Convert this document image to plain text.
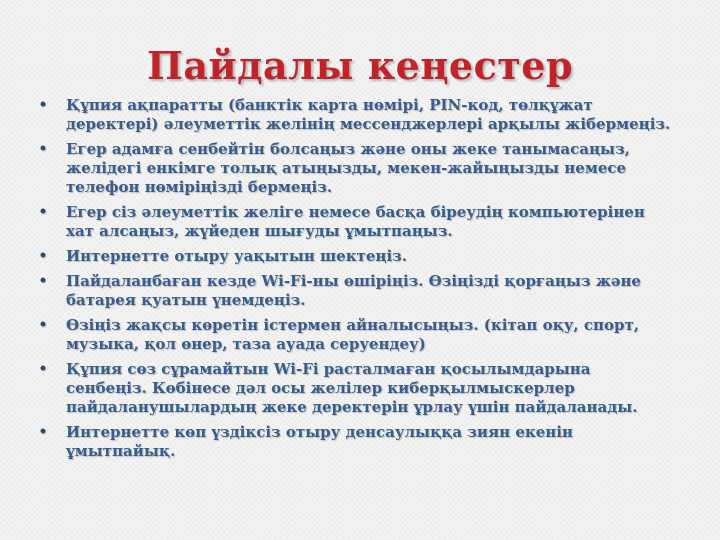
Пайдалы кеңестер
• Құпия ақпаратты (банктік карта нөмірі, PIN-код, төлқұжат деректері) әлеуметтік желінің мессенджерлері арқылы жібермеңіз.
• Егер адамға сенбейтін болсаңыз және оны жеке танымасаңыз, желідегі енкімге толық атыңызды, мекен-жайыңызды немесе телефон нөміріңізді бермеңіз.
• Егер сіз әлеуметтік желіге немесе басқа біреудің компьютерінен хат алсаңыз, жүйеден шығуды ұмытпаңыз.
• Интернетте отыру уақытын шектеңіз.
• Пайдаланбаған кезде Wi-Fi-ны өшіріңіз. Өзіңізді қорғаңыз және батарея қуатын үнемдеңіз.
• Өзіңіз жақсы көретін істермен айналысыңыз. (кітап оқу, спорт, музыка, қол өнер, таза ауада серуендеу)
• Құпия сөз сұрамайтын Wi-Fi расталмаған қосылымдарына сенбеңіз. Көбінесе дәл осы желілер киберқылмыскерлер пайдаланушылардың жеке деректерін ұрлау үшін пайдаланады.
• Интернетте көп үздіксіз отыру денсаулыққа зиян екенін ұмытпайық.
